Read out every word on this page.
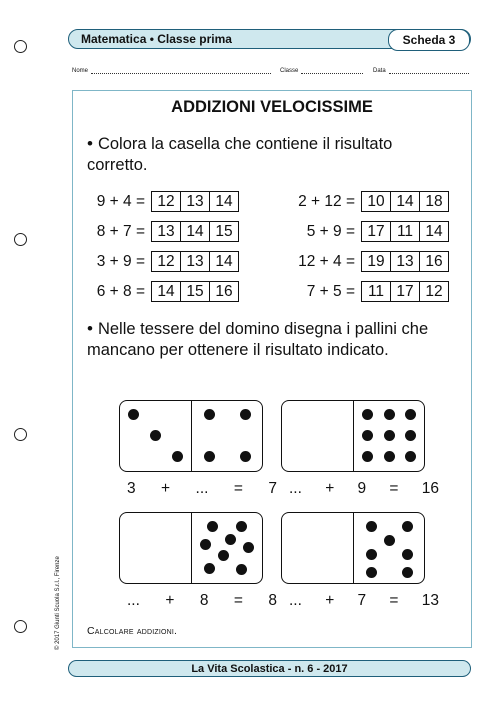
Matematica • Classe prima	Scheda 3
Nome	Classe	Data
ADDIZIONI VELOCISSIME
• Colora la casella che contiene il risultato corretto.
9 + 4 = 12 13 14	2 + 12 = 10 14 18
8 + 7 = 13 14 15	5 + 9 = 17 11 14
3 + 9 = 12 13 14	12 + 4 = 19 13 16
6 + 8 = 14 15 16	7 + 5 = 11 17 12
• Nelle tessere del domino disegna i pallini che mancano per ottenere il risultato indicato.
3 + ... = 7 ... + 9 = 16
... + 8 = 8 ... + 7 = 13
Calcolare addizioni.
© 2017 Giunti Scuola S.r.l., Firenze
La Vita Scolastica - n. 6 - 2017
